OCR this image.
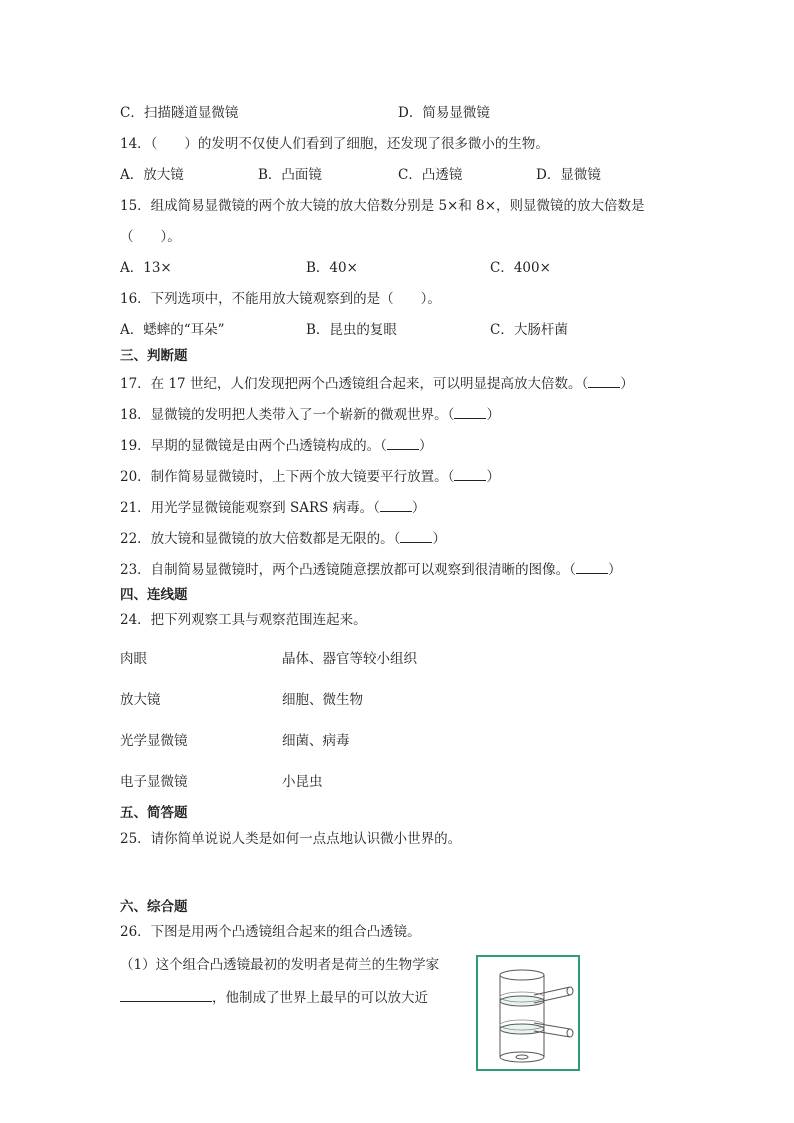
C．扫描隧道显微镜	D．简易显微镜
14．（　　）的发明不仅使人们看到了细胞，还发现了很多微小的生物。
A．放大镜	B．凸面镜	C．凸透镜	D．显微镜
15．组成简易显微镜的两个放大镜的放大倍数分别是 5×和 8×，则显微镜的放大倍数是
（　　）。
A．13×	B．40×	C．400×
16．下列选项中，不能用放大镜观察到的是（　　）。
A．蟋蟀的“耳朵”	B．昆虫的复眼	C．大肠杆菌
三、判断题
17．在 17 世纪，人们发现把两个凸透镜组合起来，可以明显提高放大倍数。（ ）
18．显微镜的发明把人类带入了一个崭新的微观世界。（ ）
19．早期的显微镜是由两个凸透镜构成的。（ ）
20．制作简易显微镜时，上下两个放大镜要平行放置。（ ）
21．用光学显微镜能观察到 SARS 病毒。（ ）
22．放大镜和显微镜的放大倍数都是无限的。（ ）
23．自制简易显微镜时，两个凸透镜随意摆放都可以观察到很清晰的图像。（ ）
四、连线题
24．把下列观察工具与观察范围连起来。
肉眼	晶体、器官等较小组织
放大镜	细胞、微生物
光学显微镜	细菌、病毒
电子显微镜	小昆虫
五、简答题
25．请你简单说说人类是如何一点点地认识微小世界的。
六、综合题
26．下图是用两个凸透镜组合起来的组合凸透镜。
（1）这个组合凸透镜最初的发明者是荷兰的生物学家
，他制成了世界上最早的可以放大近
